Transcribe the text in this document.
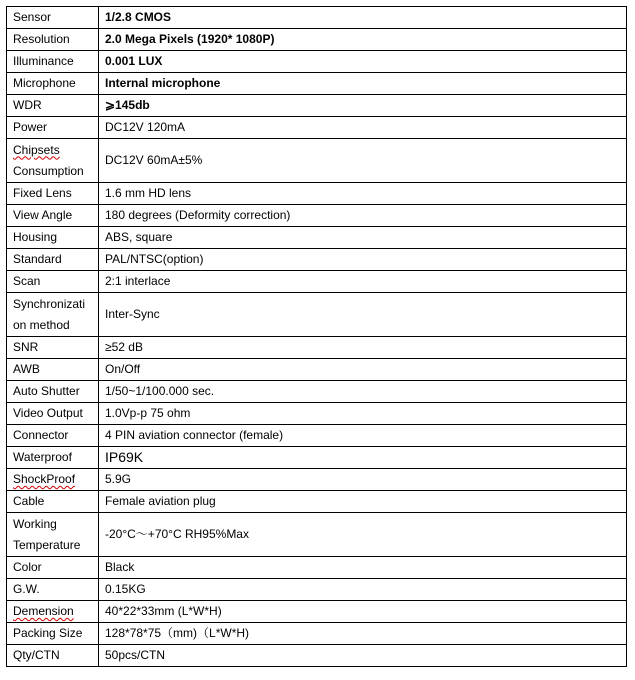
Sensor	1/2.8 CMOS
Resolution	2.0 Mega Pixels (1920* 1080P)
Illuminance	0.001 LUX
Microphone	Internal microphone
WDR	⩾145db
Power	DC12V 120mA

Chipsets
Consumption	DC12V 60mA±5%
Fixed Lens	1.6 mm HD lens
View Angle	180 degrees (Deformity correction)
Housing	ABS, square
Standard	PAL/NTSC(option)
Scan	2:1 interlace

Synchronizati
on method	Inter-Sync
SNR	≥52 dB
AWB	On/Off
Auto Shutter	1/50~1/100.000 sec.
Video Output	1.0Vp-p 75 ohm
Connector	4 PIN aviation connector (female)
Waterproof	IP69K
ShockProof	5.9G
Cable	Female aviation plug

Working
Temperature	-20°C～+70°C RH95%Max
Color	Black
G.W.	0.15KG
Demension	40*22*33mm (L*W*H)
Packing Size	128*78*75（mm)（L*W*H)
Qty/CTN	50pcs/CTN
